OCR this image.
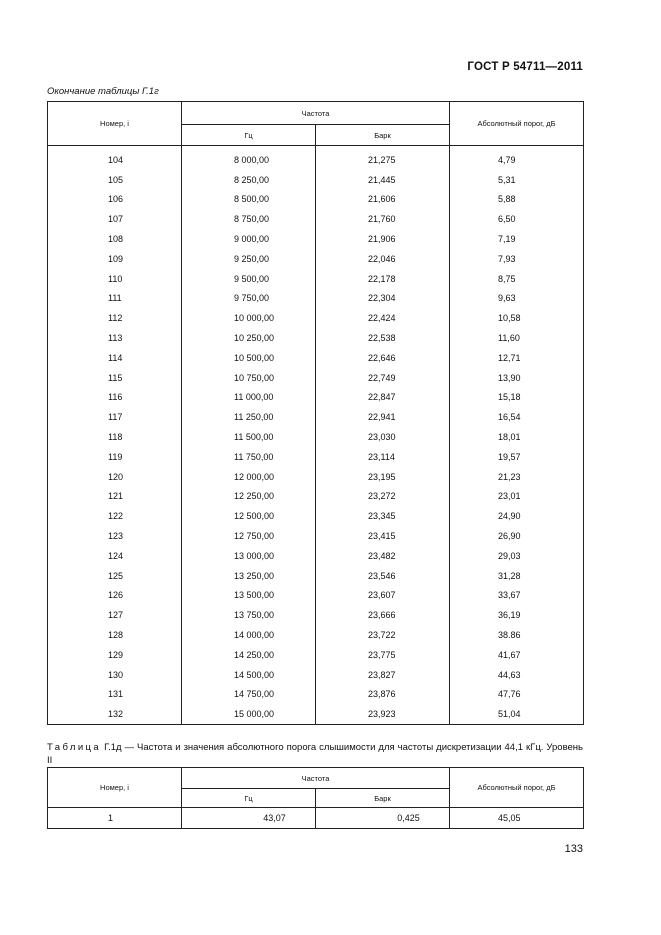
ГОСТ Р 54711—2011
Окончание таблицы Г.1г
Номер, i	Частота		Абсолютный порог, дБ
	Гц	Барк	
104	8 000,00	21,275	4,79
105	8 250,00	21,445	5,31
106	8 500,00	21,606	5,88
107	8 750,00	21,760	6,50
108	9 000,00	21,906	7,19
109	9 250,00	22,046	7,93
110	9 500,00	22,178	8,75
111	9 750,00	22,304	9,63
112	10 000,00	22,424	10,58
113	10 250,00	22,538	11,60
114	10 500,00	22,646	12,71
115	10 750,00	22,749	13,90
116	11 000,00	22,847	15,18
117	11 250,00	22,941	16,54
118	11 500,00	23,030	18,01
119	11 750,00	23,114	19,57
120	12 000,00	23,195	21,23
121	12 250,00	23,272	23,01
122	12 500,00	23,345	24,90
123	12 750,00	23,415	26,90
124	13 000,00	23,482	29,03
125	13 250,00	23,546	31,28
126	13 500,00	23,607	33,67
127	13 750,00	23,666	36,19
128	14 000,00	23,722	38.86
129	14 250,00	23,775	41,67
130	14 500,00	23,827	44,63
131	14 750,00	23,876	47,76
132	15 000,00	23,923	51,04
Таблица Г.1д — Частота и значения абсолютного порога слышимости для частоты дискретизации 44,1 кГц. Уровень II
Номер, i	Частота		Абсолютный порог, дБ
	Гц	Барк	
1	43,07	0,425	45,05
133
